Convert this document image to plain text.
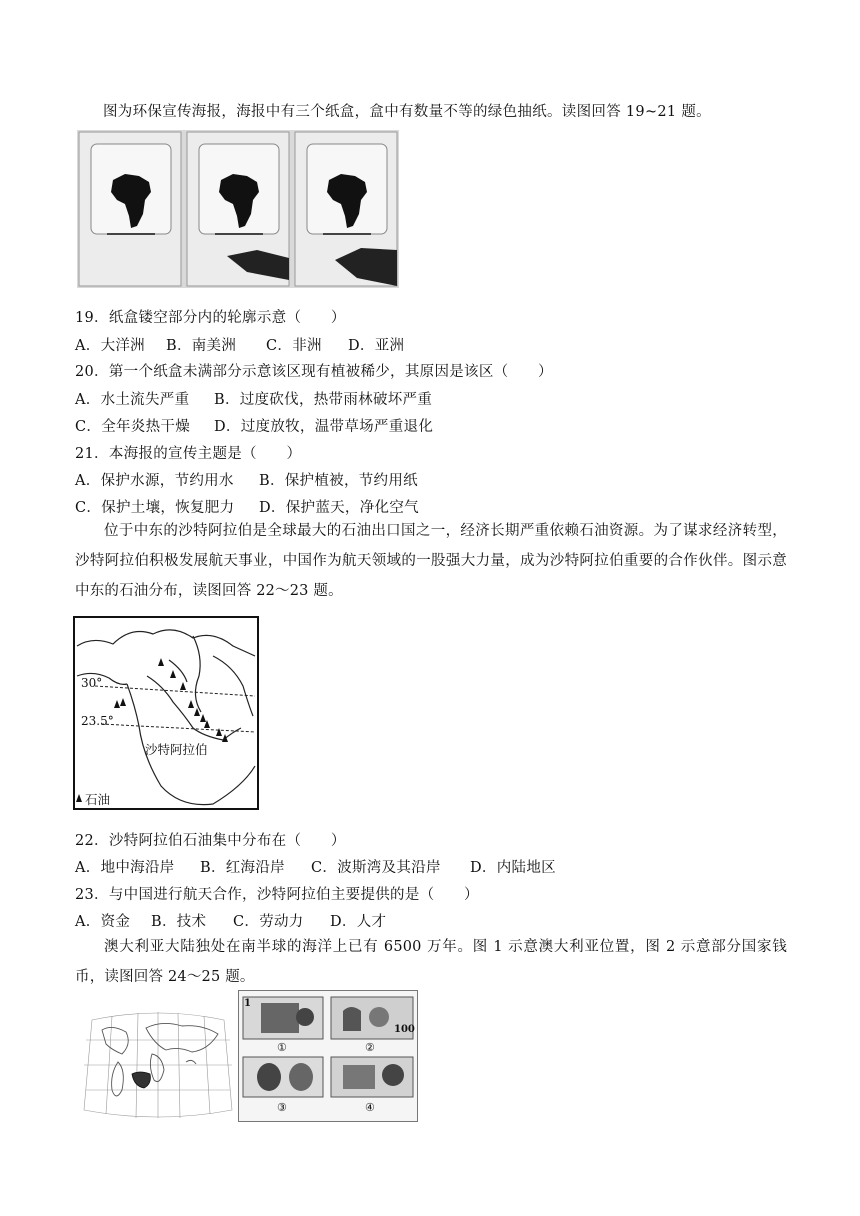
图为环保宣传海报，海报中有三个纸盒，盒中有数量不等的绿色抽纸。读图回答 19~21 题。
19．纸盒镂空部分内的轮廓示意（　　）
A．大洋洲 B．南美洲 C．非洲 D．亚洲
20．第一个纸盒未满部分示意该区现有植被稀少，其原因是该区（　　）
A．水土流失严重 B．过度砍伐，热带雨林破坏严重
C．全年炎热干燥 D．过度放牧，温带草场严重退化
21．本海报的宣传主题是（　　）
A．保护水源，节约用水 B．保护植被，节约用纸
C．保护土壤，恢复肥力 D．保护蓝天，净化空气
位于中东的沙特阿拉伯是全球最大的石油出口国之一，经济长期严重依赖石油资源。为了谋求经济转型，沙特阿拉伯积极发展航天事业，中国作为航天领域的一股强大力量，成为沙特阿拉伯重要的合作伙伴。图示意中东的石油分布，读图回答 22～23 题。
30°
23.5°
沙特阿拉伯
石油
22．沙特阿拉伯石油集中分布在（　　）
A．地中海沿岸 B．红海沿岸 C．波斯湾及其沿岸 D．内陆地区
23．与中国进行航天合作，沙特阿拉伯主要提供的是（　　）
A．资金 B．技术 C．劳动力 D．人才
澳大利亚大陆独处在南半球的海洋上已有 6500 万年。图 1 示意澳大利亚位置，图 2 示意部分国家钱币，读图回答 24～25 题。
1
100
①	②
③	④
